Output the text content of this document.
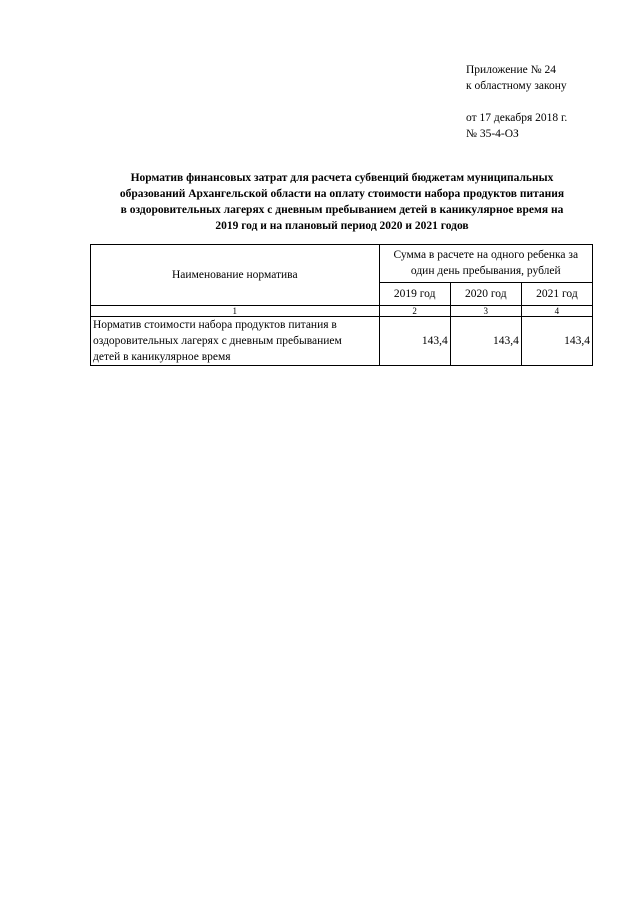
Приложение № 24
к областному закону
от 17 декабря 2018 г.
№ 35-4-ОЗ
Норматив финансовых затрат для расчета субвенций бюджетам муниципальных
образований Архангельской области на оплату стоимости набора продуктов питания
в оздоровительных лагерях с дневным пребыванием детей в каникулярное время на
2019 год и на плановый период 2020 и 2021 годов
Наименование норматива	Сумма в расчете на одного ребенка за один день пребывания, рублей		
	2019 год	2020 год	2021 год
1	2	3	4

Норматив стоимости набора продуктов питания в
оздоровительных лагерях с дневным пребыванием
детей в каникулярное время	143,4	143,4	143,4
